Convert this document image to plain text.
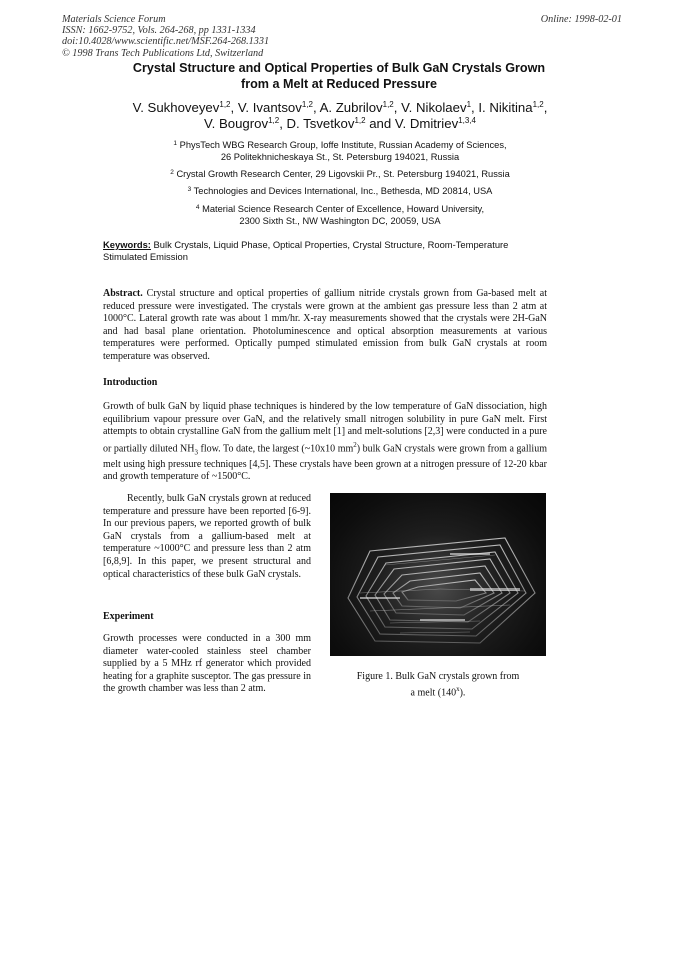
Materials Science Forum
ISSN: 1662-9752, Vols. 264-268, pp 1331-1334
doi:10.4028/www.scientific.net/MSF.264-268.1331
© 1998 Trans Tech Publications Ltd, Switzerland
Online: 1998-02-01
Crystal Structure and Optical Properties of Bulk GaN Crystals Grown
from a Melt at Reduced Pressure
V. Sukhoveyev$^{1,2}$, V. Ivantsov$^{1,2}$, A. Zubrilov$^{1,2}$, V. Nikolaev$^1$, I. Nikitina$^{1,2}$,
V. Bougrov$^{1,2}$, D. Tsvetkov$^{1,2}$ and V. Dmitriev$^{1,3,4}$
$^1$ PhysTech WBG Research Group, Ioffe Institute, Russian Academy of Sciences,
26 Politekhnicheskaya St., St. Petersburg 194021, Russia
$^2$ Crystal Growth Research Center, 29 Ligovskii Pr., St. Petersburg 194021, Russia
$^3$ Technologies and Devices International, Inc., Bethesda, MD 20814, USA
$^4$ Material Science Research Center of Excellence, Howard University,
2300 Sixth St., NW Washington DC, 20059, USA
Keywords: Bulk Crystals, Liquid Phase, Optical Properties, Crystal Structure, Room-Temperature Stimulated Emission
Abstract. Crystal structure and optical properties of gallium nitride crystals grown from Ga-based melt at reduced pressure were investigated. The crystals were grown at the ambient gas pressure less than 2 atm at 1000°C. Lateral growth rate was about 1 mm/hr. X-ray measurements showed that the crystals were 2H-GaN and had basal plane orientation. Photoluminescence and optical absorption measurements at various temperatures were performed. Optically pumped stimulated emission from bulk GaN crystals at room temperature was observed.
Introduction
Growth of bulk GaN by liquid phase techniques is hindered by the low temperature of GaN dissociation, high equilibrium vapour pressure over GaN, and the relatively small nitrogen solubility in pure GaN melt. First attempts to obtain crystalline GaN from the gallium melt [1] and melt-solutions [2,3] were conducted in a pure or partially diluted $NH_3$ flow. To date, the largest (~10x10 $mm^2$) bulk GaN crystals were grown from a gallium melt using high pressure techniques [4,5]. These crystals have been grown at a nitrogen pressure of 12-20 kbar and growth temperature of ~1500°C.
Recently, bulk GaN crystals grown at reduced temperature and pressure have been reported [6-9]. In our previous papers, we reported growth of bulk GaN crystals from a gallium-based melt at temperature ~1000°C and pressure less than 2 atm [6,8,9]. In this paper, we present structural and optical characteristics of these bulk GaN crystals.
Experiment
Growth processes were conducted in a 300 mm diameter water-cooled stainless steel chamber supplied by a 5 MHz rf generator which provided heating for a graphite susceptor. The gas pressure in the growth chamber was less than 2 atm.
Figure 1. Bulk GaN crystals grown from
a melt (140$^x$).
